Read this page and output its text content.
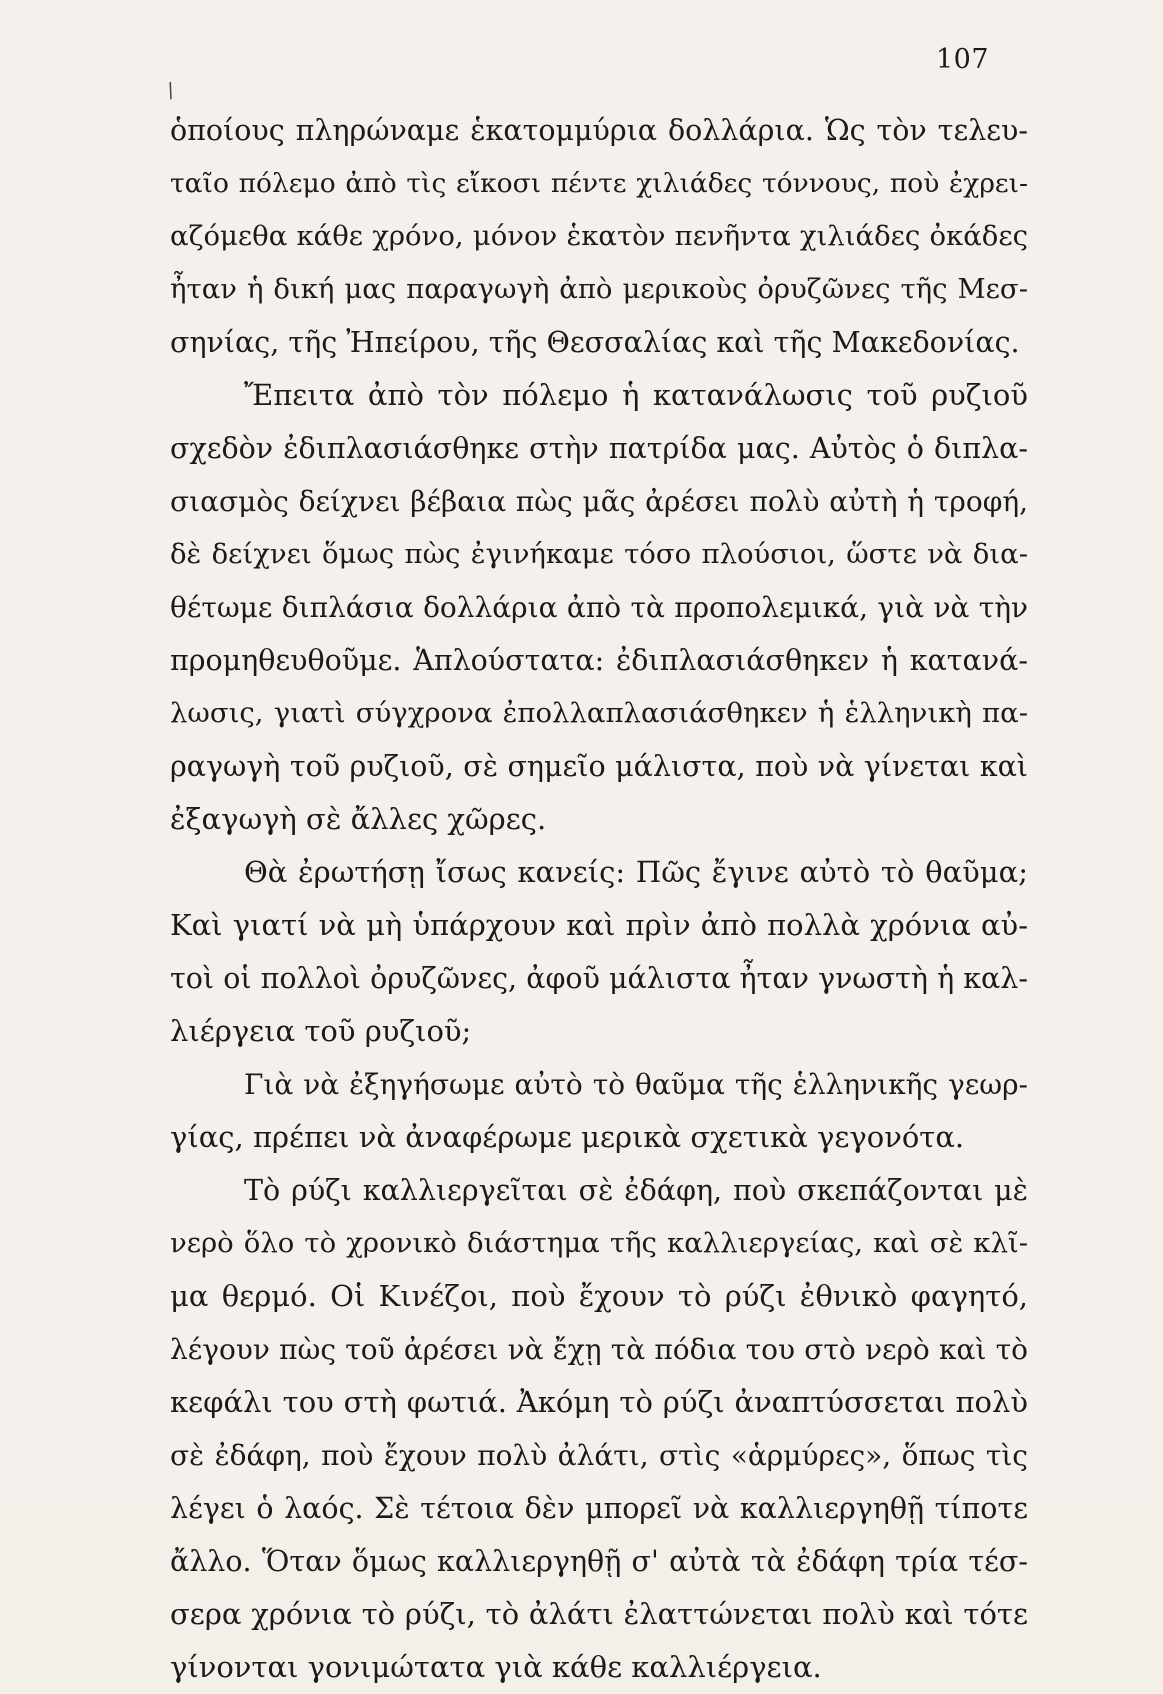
107
/
ὁποίους πληρώναμε ἑκατομμύρια δολλάρια. Ὡς τὸν τελευ-
ταῖο πόλεμο ἀπὸ τὶς εἴκοσι πέντε χιλιάδες τόννους, ποὺ ἐχρει-
αζόμεθα κάθε χρόνο, μόνον ἑκατὸν πενῆντα χιλιάδες ὀκάδες
ἦταν ἡ δική μας παραγωγὴ ἀπὸ μερικοὺς ὀρυζῶνες τῆς Μεσ-
σηνίας, τῆς Ἠπείρου, τῆς Θεσσαλίας καὶ τῆς Μακεδονίας.
Ἔπειτα ἀπὸ τὸν πόλεμο ἡ κατανάλωσις τοῦ ρυζιοῦ
σχεδὸν ἐδιπλασιάσθηκε στὴν πατρίδα μας. Αὐτὸς ὁ διπλα-
σιασμὸς δείχνει βέβαια πὼς μᾶς ἀρέσει πολὺ αὐτὴ ἡ τροφή,
δὲ δείχνει ὅμως πὼς ἐγινήκαμε τόσο πλούσιοι, ὥστε νὰ δια-
θέτωμε διπλάσια δολλάρια ἀπὸ τὰ προπολεμικά, γιὰ νὰ τὴν
προμηθευθοῦμε. Ἁπλούστατα: ἐδιπλασιάσθηκεν ἡ κατανά-
λωσις, γιατὶ σύγχρονα ἐπολλαπλασιάσθηκεν ἡ ἑλληνικὴ πα-
ραγωγὴ τοῦ ρυζιοῦ, σὲ σημεῖο μάλιστα, ποὺ νὰ γίνεται καὶ
ἐξαγωγὴ σὲ ἄλλες χῶρες.
Θὰ ἐρωτήσῃ ἴσως κανείς: Πῶς ἔγινε αὐτὸ τὸ θαῦμα;
Καὶ γιατί νὰ μὴ ὑπάρχουν καὶ πρὶν ἀπὸ πολλὰ χρόνια αὐ-
τοὶ οἱ πολλοὶ ὀρυζῶνες, ἀφοῦ μάλιστα ἦταν γνωστὴ ἡ καλ-
λιέργεια τοῦ ρυζιοῦ;
Γιὰ νὰ ἐξηγήσωμε αὐτὸ τὸ θαῦμα τῆς ἑλληνικῆς γεωρ-
γίας, πρέπει νὰ ἀναφέρωμε μερικὰ σχετικὰ γεγονότα.
Τὸ ρύζι καλλιεργεῖται σὲ ἐδάφη, ποὺ σκεπάζονται μὲ
νερὸ ὅλο τὸ χρονικὸ διάστημα τῆς καλλιεργείας, καὶ σὲ κλῖ-
μα θερμό. Οἱ Κινέζοι, ποὺ ἔχουν τὸ ρύζι ἐθνικὸ φαγητό,
λέγουν πὼς τοῦ ἀρέσει νὰ ἔχῃ τὰ πόδια του στὸ νερὸ καὶ τὸ
κεφάλι του στὴ φωτιά. Ἀκόμη τὸ ρύζι ἀναπτύσσεται πολὺ
σὲ ἐδάφη, ποὺ ἔχουν πολὺ ἀλάτι, στὶς «ἁρμύρες», ὅπως τὶς
λέγει ὁ λαός. Σὲ τέτοια δὲν μπορεῖ νὰ καλλιεργηθῇ τίποτε
ἄλλο. Ὅταν ὅμως καλλιεργηθῇ σ' αὐτὰ τὰ ἐδάφη τρία τέσ-
σερα χρόνια τὸ ρύζι, τὸ ἀλάτι ἐλαττώνεται πολὺ καὶ τότε
γίνονται γονιμώτατα γιὰ κάθε καλλιέργεια.
